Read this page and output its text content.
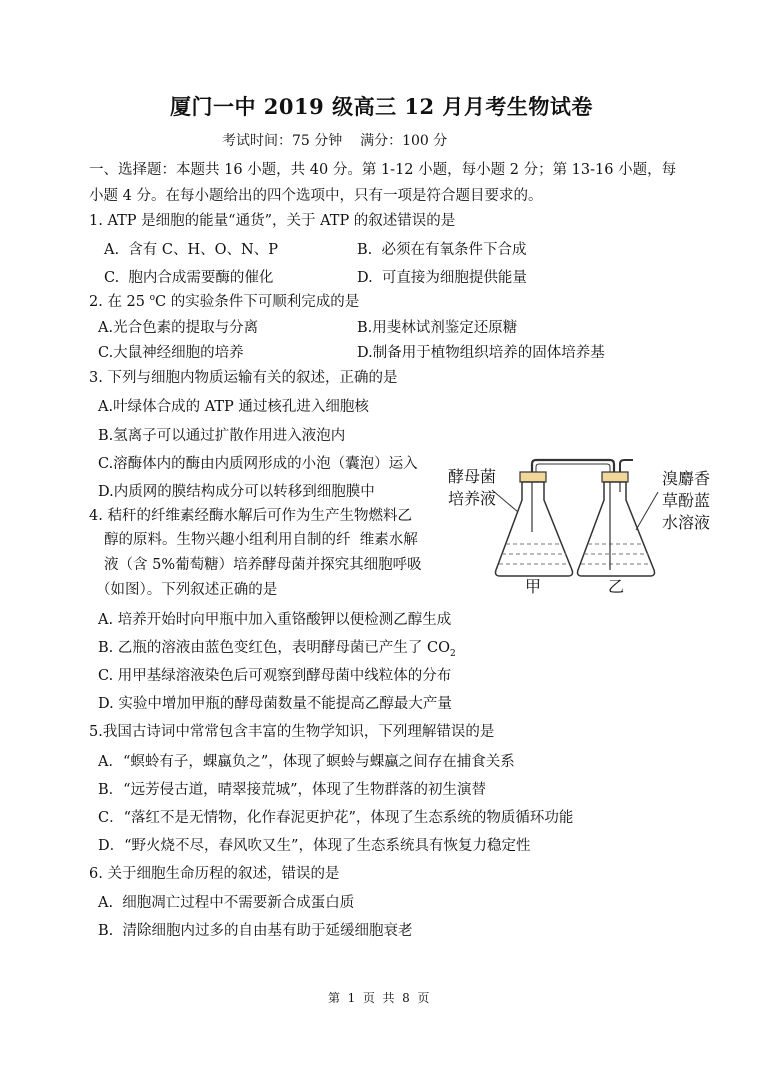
厦门一中 2019 级高三 12 月月考生物试卷
考试时间：75 分钟    满分：100 分
一、选择题：本题共 16 小题，共 40 分。第 1-12 小题，每小题 2 分；第 13-16 小题，每
小题 4 分。在每小题给出的四个选项中，只有一项是符合题目要求的。
1. ATP 是细胞的能量“通货”，关于 ATP 的叙述错误的是
A.  含有 C、H、O、N、P	B.  必须在有氧条件下合成
C.  胞内合成需要酶的催化	D.  可直接为细胞提供能量
2. 在 25 $^o$C 的实验条件下可顺利完成的是
A.光合色素的提取与分离	B.用斐林试剂鉴定还原糖
C.大鼠神经细胞的培养	D.制备用于植物组织培养的固体培养基
3. 下列与细胞内物质运输有关的叙述，正确的是
A.叶绿体合成的 ATP 通过核孔进入细胞核
B.氢离子可以通过扩散作用进入液泡内
C.溶酶体内的酶由内质网形成的小泡（囊泡）运入
D.内质网的膜结构成分可以转移到细胞膜中
4. 秸秆的纤维素经酶水解后可作为生产生物燃料乙
醇的原料。生物兴趣小组利用自制的纤  维素水解
液（含 5%葡萄糖）培养酵母菌并探究其细胞呼吸
（如图）。下列叙述正确的是
A. 培养开始时向甲瓶中加入重铬酸钾以便检测乙醇生成
B. 乙瓶的溶液由蓝色变红色，表明酵母菌已产生了 $CO_2$
C. 用甲基绿溶液染色后可观察到酵母菌中线粒体的分布
D. 实验中增加甲瓶的酵母菌数量不能提高乙醇最大产量
酵母菌
培养液
溴麝香
草酚蓝
水溶液
甲	乙
5.我国古诗词中常常包含丰富的生物学知识，下列理解错误的是
A．“螟蛉有子，蜾蠃负之”，体现了螟蛉与蜾蠃之间存在捕食关系
B．“远芳侵古道，晴翠接荒城”，体现了生物群落的初生演替
C．“落红不是无情物，化作春泥更护花”，体现了生态系统的物质循环功能
D．“野火烧不尽，春风吹又生”，体现了生态系统具有恢复力稳定性
6. 关于细胞生命历程的叙述，错误的是
A.  细胞凋亡过程中不需要新合成蛋白质
B.  清除细胞内过多的自由基有助于延缓细胞衰老
第  1  页  共  8  页
